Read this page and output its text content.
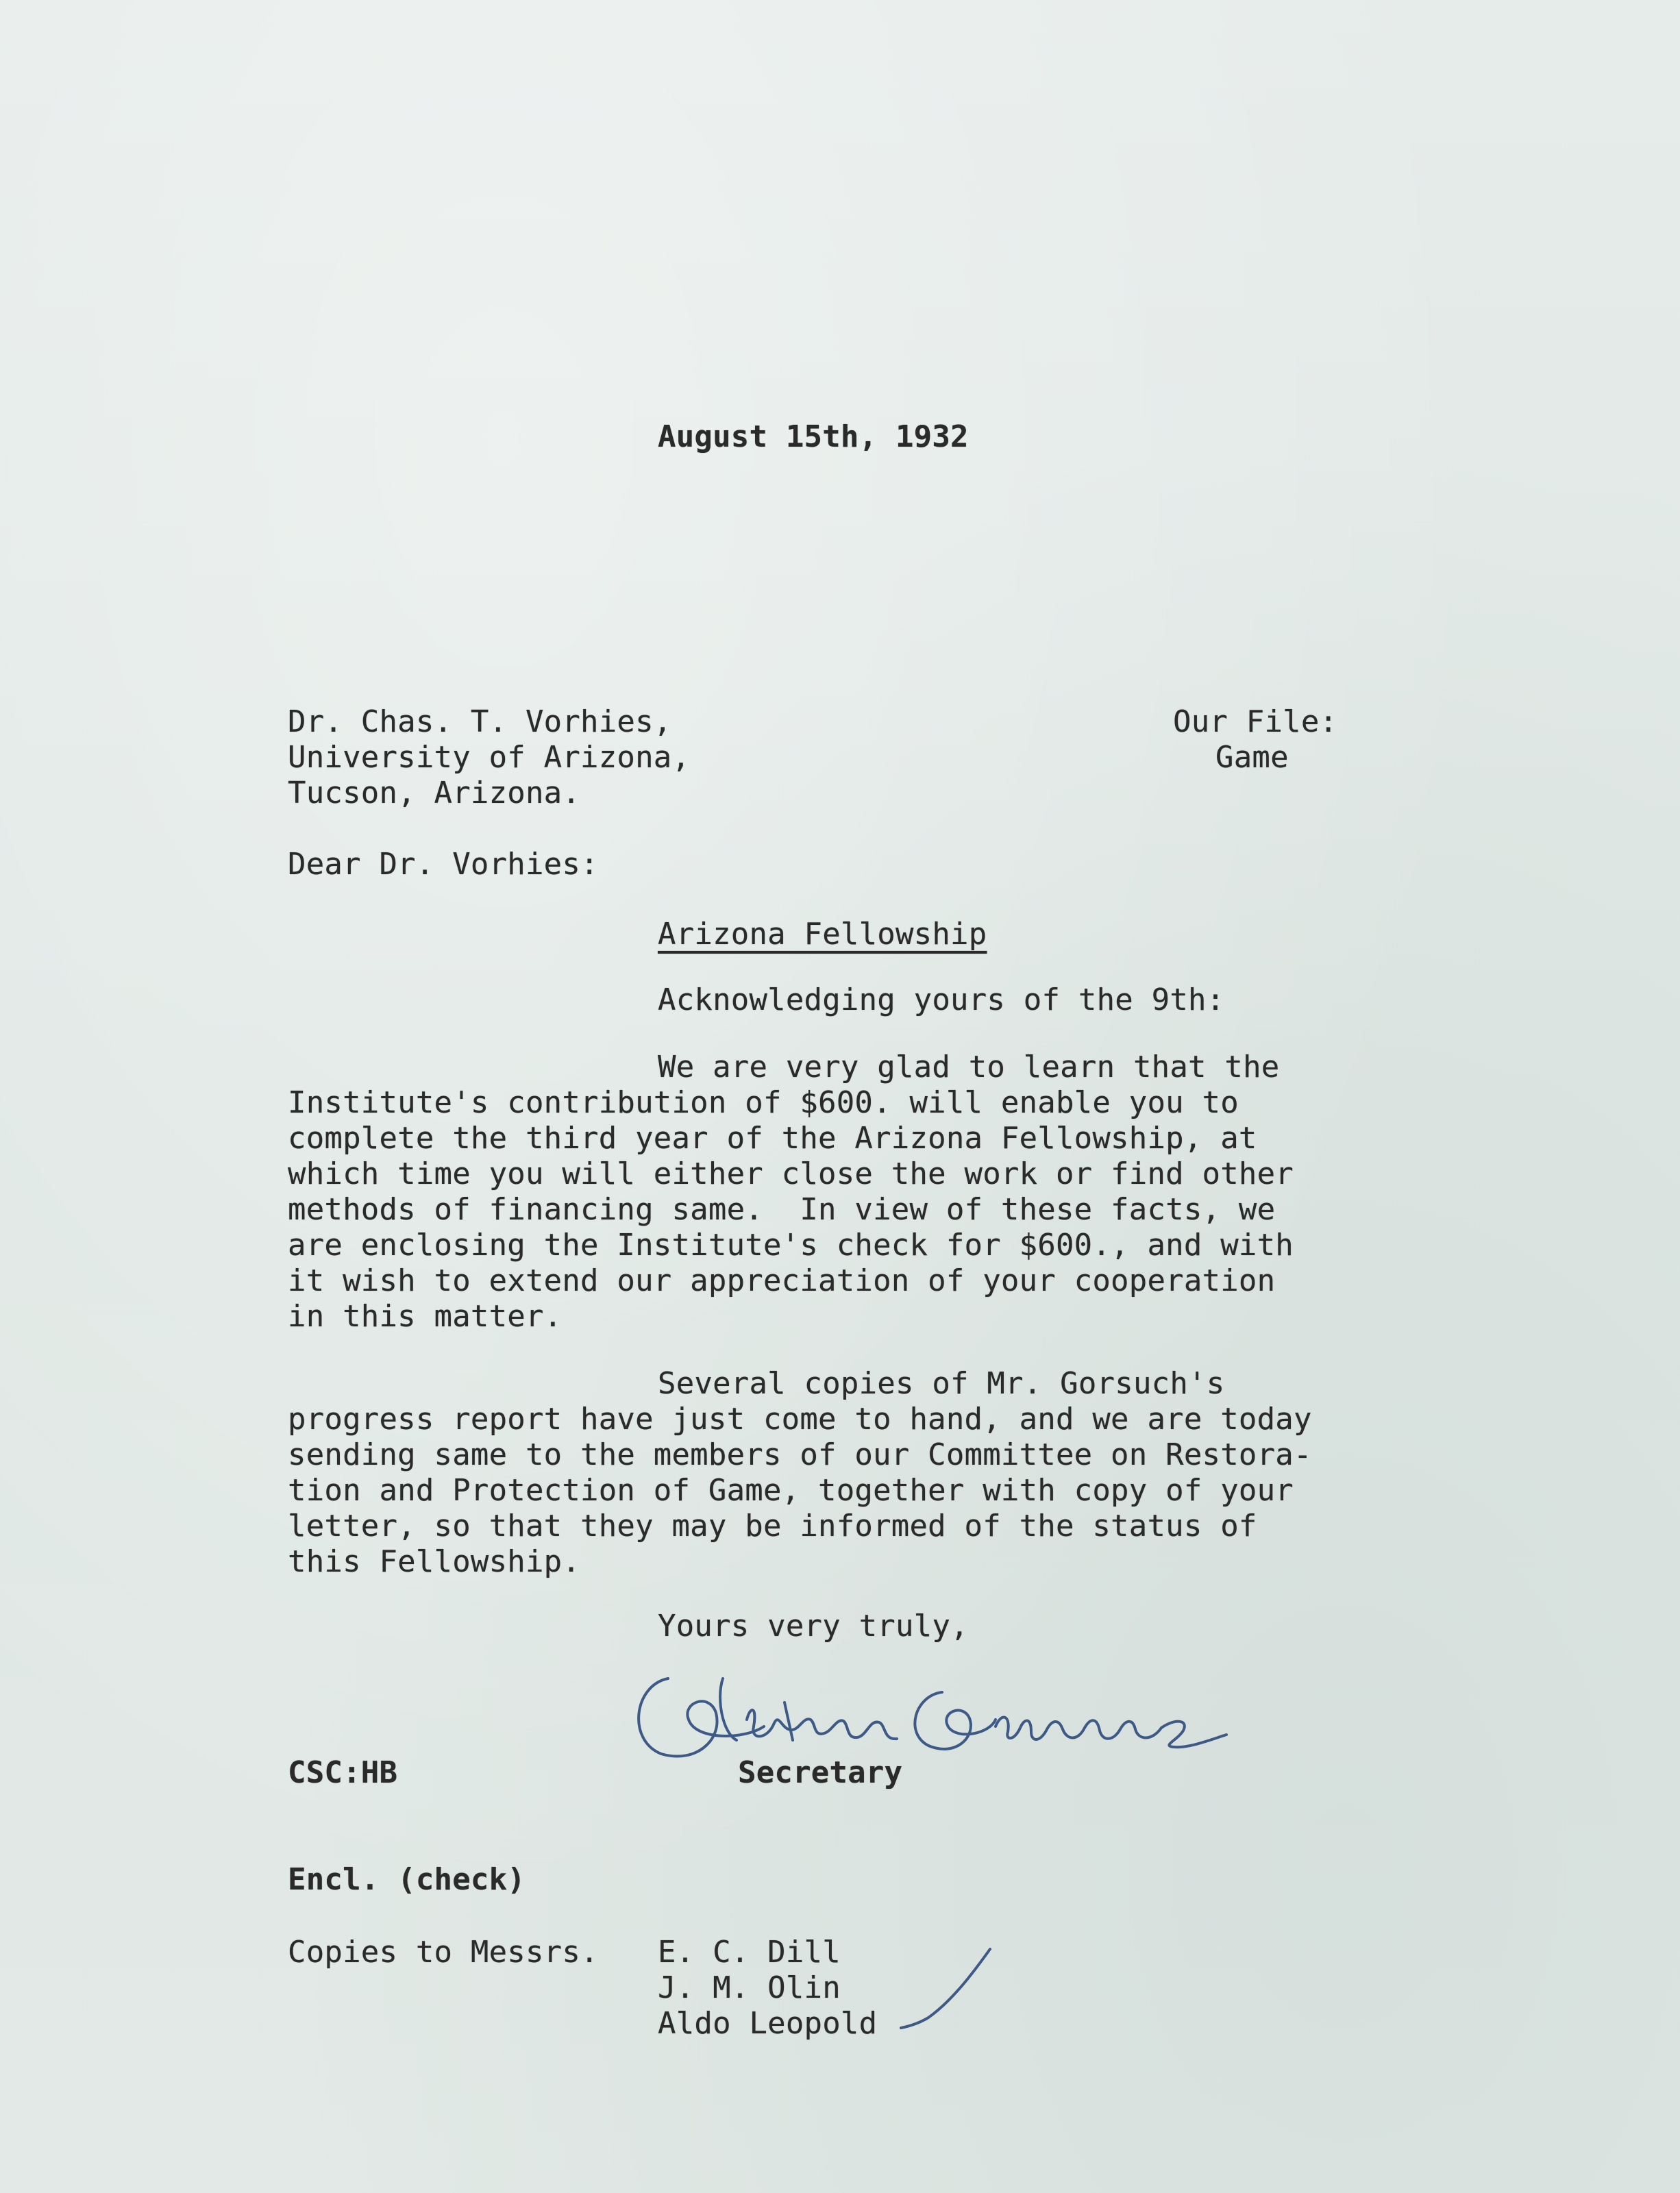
August 15th, 1932
Dr. Chas. T. Vorhies,
University of Arizona,
Tucson, Arizona.
Our File:
Game
Dear Dr. Vorhies:
Arizona Fellowship
Acknowledging yours of the 9th:
We are very glad to learn that the
Institute's contribution of $600. will enable you to
complete the third year of the Arizona Fellowship, at
which time you will either close the work or find other
methods of financing same.  In view of these facts, we
are enclosing the Institute's check for $600., and with
it wish to extend our appreciation of your cooperation
in this matter.
Several copies of Mr. Gorsuch's
progress report have just come to hand, and we are today
sending same to the members of our Committee on Restora-
tion and Protection of Game, together with copy of your
letter, so that they may be informed of the status of
this Fellowship.
Yours very truly,
CSC:HB	Secretary
Encl. (check)
Copies to Messrs. E. C. Dill
J. M. Olin
Aldo Leopold
